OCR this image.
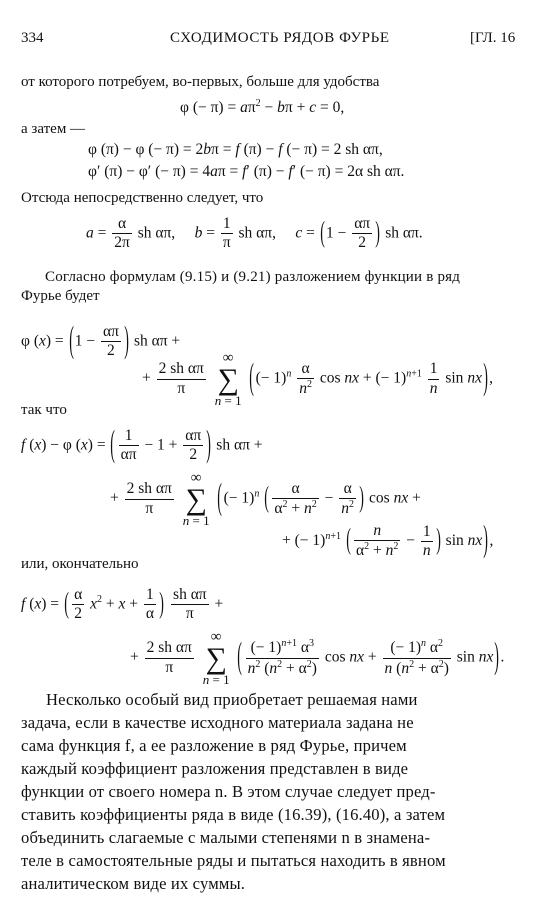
334	СХОДИМОСТЬ РЯДОВ ФУРЬЕ	[ГЛ. 16
от которого потребуем, во-первых, больше для удобства
φ (− $\pi) = a\pi^2 - b\pi + c = 0$,
а затем —
φ (π) − φ (− π) = 2bπ = f (π) − f (− π) = 2 sh απ,
φ′ (π) − φ′ (− π) = 4aπ = f′ (π) − f′ (− π) = 2α sh απ.
Отсюда непосредственно следует, что
$a = \frac{\alpha}{2\pi}$ sh απ,     $b = \frac{1}{\pi}$ sh απ,     $c = (1 - \frac{\alpha\pi}{2}$ ) sh απ.
Согласно формулам (9.15) и (9.21) разложением функции в ряд
Фурье будет
φ $(x) = (1 - \frac{\alpha\pi}{2}$ ) sh απ +
+ $\frac{\text{2 sh απ}}{\pi}$

∞
∑
n = 1
((− $1)^n \frac{\alpha}{n^2}$ cos nx + (− $1)^{n+1} \frac{1}{n}$ sin nx),
так что
f (x) − φ (x) = ( $\frac{1}{\alpha\pi} - 1 + \frac{\alpha\pi}{2}$ ) sh απ +
+ $\frac{\text{2 sh απ}}{\pi}$

∞
∑
n = 1
((− 1)$^n$ ( $\frac{\alpha}{\alpha^2 + n^2} - \frac{\alpha}{n^2}$ ) cos nx +
+ (− 1)$^{n+1}$ ( $\frac{n}{\alpha^2 + n^2} - \frac{1}{n}$ ) sin nx),
или, окончательно
f (x) = ( $\frac{\alpha}{2} x^2 + x + \frac{1}{\alpha}$ ) $\frac{\text{sh απ}}{\pi}$ +
+ $\frac{\text{2 sh απ}}{\pi}$

∞
∑
n = 1
( $\frac{(- 1)^{n+1} \alpha^3}{n^2 (n^2 + \alpha^2)}$ cos nx + $\frac{(- 1)^n \alpha^2}{n (n^2 + \alpha^2)}$ sin nx).
Несколько особый вид приобретает решаемая нами
задача, если в качестве исходного материала задана не
сама функция f, а ее разложение в ряд Фурье, причем
каждый коэффициент разложения представлен в виде
функции от своего номера n. В этом случае следует пред-
ставить коэффициенты ряда в виде (16.39), (16.40), а затем
объединить слагаемые с малыми степенями n в знамена-
теле в самостоятельные ряды и пытаться находить в явном
аналитическом виде их суммы.
